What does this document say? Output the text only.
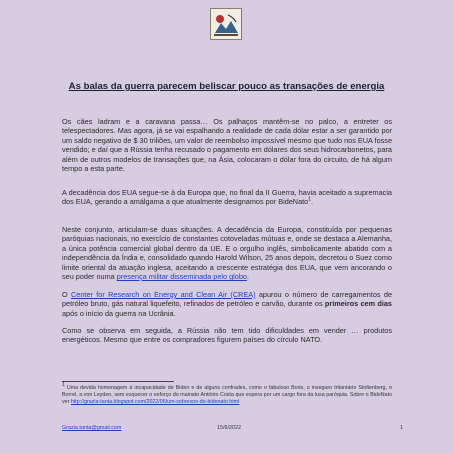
As balas da guerra parecem beliscar pouco as transações de energia
Os cães ladram e a caravana passa… Os palhaços mantêm-se no palco, a entreter os telespectadores. Mas agora, já se vai espalhando a realidade de cada dólar estar a ser garantido por um saldo negativo de $ 30 triliões, um valor de reembolso impossível mesmo que tudo nos EUA fosse vendido; e daí que a Rússia tenha recusado o pagamento em dólares dos seus hidrocarbonetos, para além de outros modelos de transações que, na Ásia, colocaram o dólar fora do circuito, de há algum tempo a esta parte.
A decadência dos EUA segue-se à da Europa que, no final da II Guerra, havia aceitado a supremacia dos EUA, gerando a amálgama a que atualmente designamos por BideNato$^1$.
Neste conjunto, articulam-se duas situações. A decadência da Europa, constituída por pequenas paróquias nacionais, no exercício de constantes cotoveladas mútuas e, onde se destaca a Alemanha, a única potência comercial global dentro da UE. E o orgulho inglês, simbolicamente abatido com a independência da Índia e, consolidado quando Harold Wilson, 25 anos depois, decretou o Suez como limite oriental da atuação inglesa, aceitando a crescente estratégia dos EUA, que vem ancorando o seu poder numa presença militar disseminada pelo globo.
O Center for Research on Energy and Clean Air (CREA) apurou o número de carregamentos de petróleo bruto, gás natural liquefeito, refinados de petróleo e carvão, durante os primeiros cem dias após o início da guerra na Ucrânia.
Como se observa em seguida, a Rússia não tem tido dificuldades em vender … produtos energéticos. Mesmo que entre os compradores figurem países do círculo NATO.
$^1$ Uma devida homenagem à incapacidade de Biden e de alguns confrades, como o fabuloso Boris, o inseguro tritantário Stoltenberg, o Borrel, a von Leyden, sem esquecer o esforço do mainato António Costa que espera por um cargo fora da lusa paróquia. Sobre o BideNato ver http://grazia-tanta.blogspot.com/2022/05/um-sobrevoo-do-bidenato.html
Grazia.tanta@gmail.com	15/6/2022	1
